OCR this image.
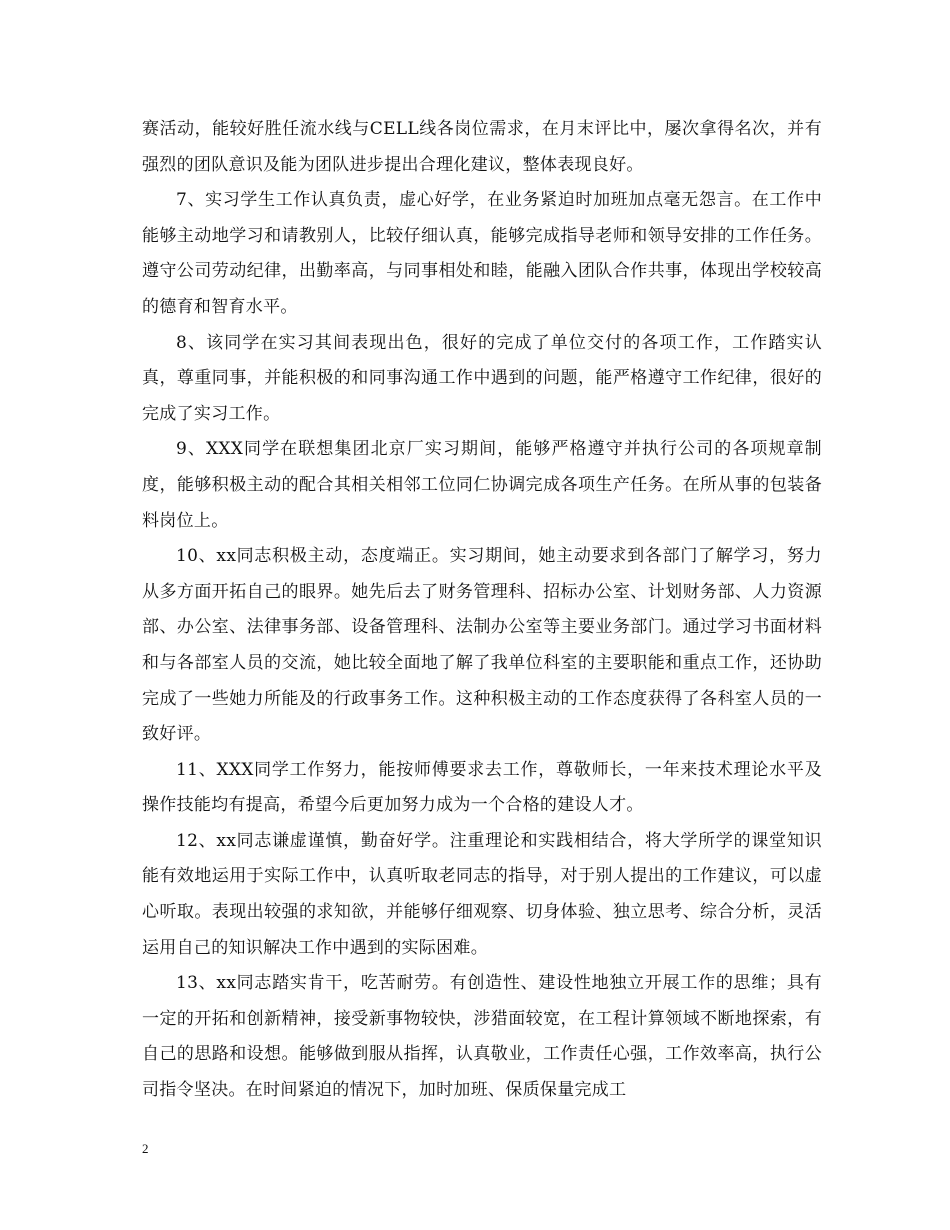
赛活动，能较好胜任流水线与CELL线各岗位需求，在月末评比中，屡次拿得名次，并有强烈的团队意识及能为团队进步提出合理化建议，整体表现良好。

7、实习学生工作认真负责，虚心好学，在业务紧迫时加班加点毫无怨言。在工作中能够主动地学习和请教别人，比较仔细认真，能够完成指导老师和领导安排的工作任务。遵守公司劳动纪律，出勤率高，与同事相处和睦，能融入团队合作共事，体现出学校较高的德育和智育水平。

8、该同学在实习其间表现出色，很好的完成了单位交付的各项工作，工作踏实认真，尊重同事，并能积极的和同事沟通工作中遇到的问题，能严格遵守工作纪律，很好的完成了实习工作。

9、XXX同学在联想集团北京厂实习期间，能够严格遵守并执行公司的各项规章制度，能够积极主动的配合其相关相邻工位同仁协调完成各项生产任务。在所从事的包装备料岗位上。

10、xx同志积极主动，态度端正。实习期间，她主动要求到各部门了解学习，努力从多方面开拓自己的眼界。她先后去了财务管理科、招标办公室、计划财务部、人力资源部、办公室、法律事务部、设备管理科、法制办公室等主要业务部门。通过学习书面材料和与各部室人员的交流，她比较全面地了解了我单位科室的主要职能和重点工作，还协助完成了一些她力所能及的行政事务工作。这种积极主动的工作态度获得了各科室人员的一致好评。

11、XXX同学工作努力，能按师傅要求去工作，尊敬师长，一年来技术理论水平及操作技能均有提高，希望今后更加努力成为一个合格的建设人才。

12、xx同志谦虚谨慎，勤奋好学。注重理论和实践相结合，将大学所学的课堂知识能有效地运用于实际工作中，认真听取老同志的指导，对于别人提出的工作建议，可以虚心听取。表现出较强的求知欲，并能够仔细观察、切身体验、独立思考、综合分析，灵活运用自己的知识解决工作中遇到的实际困难。

13、xx同志踏实肯干，吃苦耐劳。有创造性、建设性地独立开展工作的思维；具有一定的开拓和创新精神，接受新事物较快，涉猎面较宽，在工程计算领域不断地探索，有自己的思路和设想。能够做到服从指挥，认真敬业，工作责任心强，工作效率高，执行公司指令坚决。在时间紧迫的情况下，加时加班、保质保量完成工

2
